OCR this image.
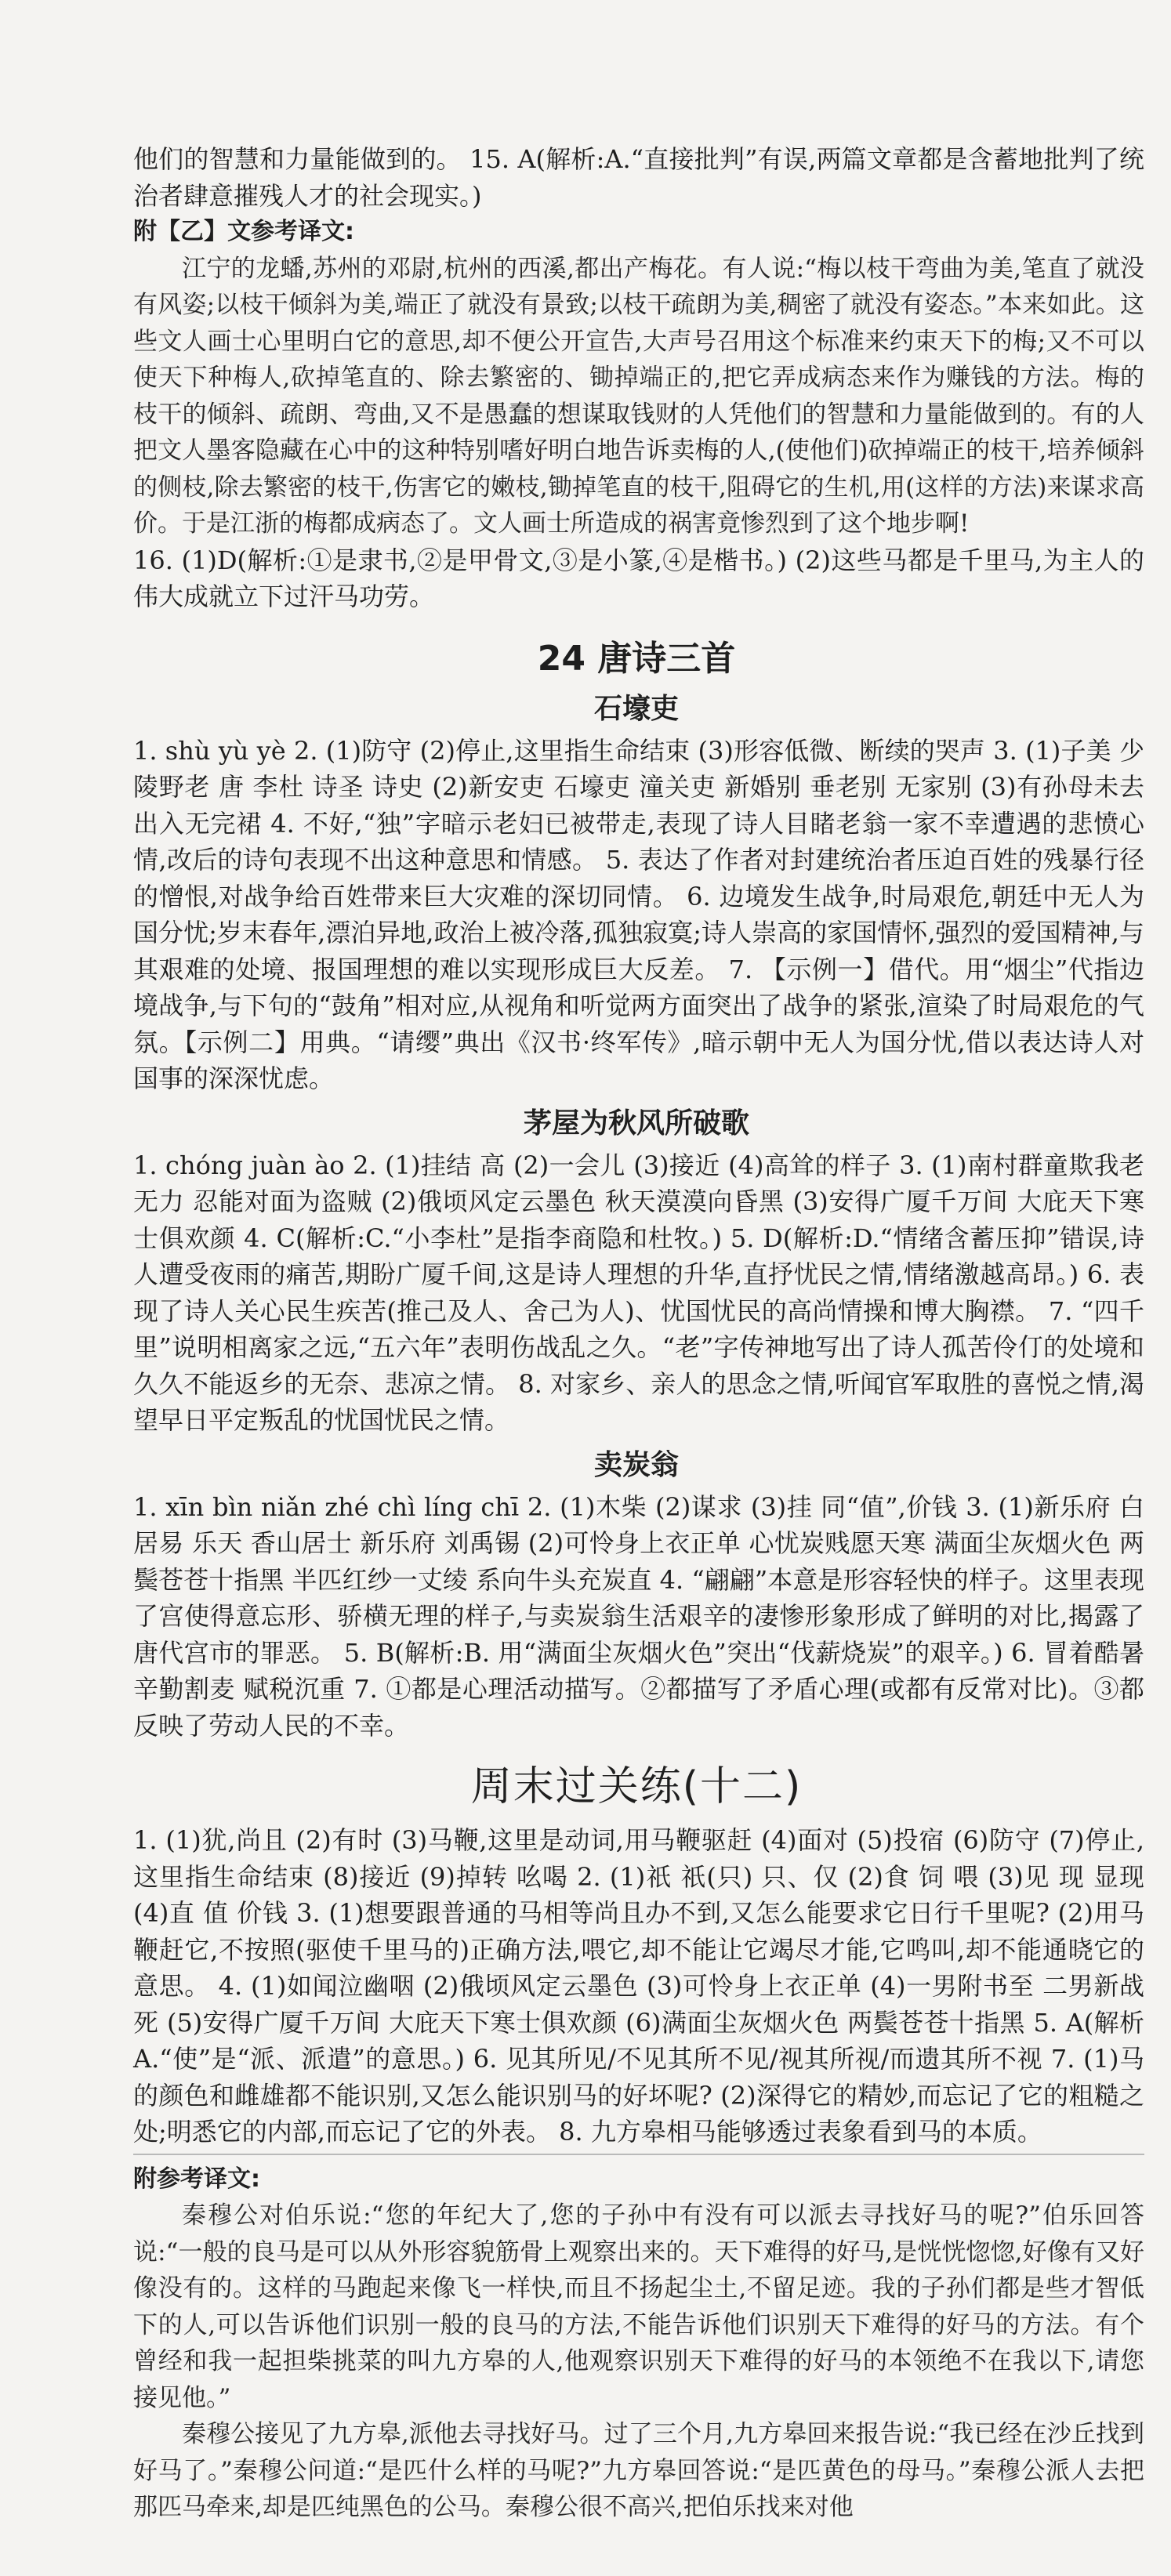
他们的智慧和力量能做到的。 15. A(解析:A.“直接批判”有误,两篇文章都是含蓄地批判了统治者肆意摧残人才的社会现实。)

附【乙】文参考译文:

江宁的龙蟠,苏州的邓尉,杭州的西溪,都出产梅花。有人说:“梅以枝干弯曲为美,笔直了就没有风姿;以枝干倾斜为美,端正了就没有景致;以枝干疏朗为美,稠密了就没有姿态。”本来如此。这些文人画士心里明白它的意思,却不便公开宣告,大声号召用这个标准来约束天下的梅;又不可以使天下种梅人,砍掉笔直的、除去繁密的、锄掉端正的,把它弄成病态来作为赚钱的方法。梅的枝干的倾斜、疏朗、弯曲,又不是愚蠢的想谋取钱财的人凭他们的智慧和力量能做到的。有的人把文人墨客隐藏在心中的这种特别嗜好明白地告诉卖梅的人,(使他们)砍掉端正的枝干,培养倾斜的侧枝,除去繁密的枝干,伤害它的嫩枝,锄掉笔直的枝干,阻碍它的生机,用(这样的方法)来谋求高价。于是江浙的梅都成病态了。文人画士所造成的祸害竟惨烈到了这个地步啊!

16. (1)D(解析:①是隶书,②是甲骨文,③是小篆,④是楷书。) (2)这些马都是千里马,为主人的伟大成就立下过汗马功劳。

24 唐诗三首
石壕吏

1. shù yù yè 2. (1)防守 (2)停止,这里指生命结束 (3)形容低微、断续的哭声 3. (1)子美 少陵野老 唐 李杜 诗圣 诗史 (2)新安吏 石壕吏 潼关吏 新婚别 垂老别 无家别 (3)有孙母未去 出入无完裙 4. 不好,“独”字暗示老妇已被带走,表现了诗人目睹老翁一家不幸遭遇的悲愤心情,改后的诗句表现不出这种意思和情感。 5. 表达了作者对封建统治者压迫百姓的残暴行径的憎恨,对战争给百姓带来巨大灾难的深切同情。 6. 边境发生战争,时局艰危,朝廷中无人为国分忧;岁末春年,漂泊异地,政治上被冷落,孤独寂寞;诗人崇高的家国情怀,强烈的爱国精神,与其艰难的处境、报国理想的难以实现形成巨大反差。 7. 【示例一】借代。用“烟尘”代指边境战争,与下句的“鼓角”相对应,从视角和听觉两方面突出了战争的紧张,渲染了时局艰危的气氛。【示例二】用典。“请缨”典出《汉书·终军传》,暗示朝中无人为国分忧,借以表达诗人对国事的深深忧虑。

茅屋为秋风所破歌

1. chóng juàn ào 2. (1)挂结 高 (2)一会儿 (3)接近 (4)高耸的样子 3. (1)南村群童欺我老无力 忍能对面为盗贼 (2)俄顷风定云墨色 秋天漠漠向昏黑 (3)安得广厦千万间 大庇天下寒士俱欢颜 4. C(解析:C.“小李杜”是指李商隐和杜牧。) 5. D(解析:D.“情绪含蓄压抑”错误,诗人遭受夜雨的痛苦,期盼广厦千间,这是诗人理想的升华,直抒忧民之情,情绪激越高昂。) 6. 表现了诗人关心民生疾苦(推己及人、舍己为人)、忧国忧民的高尚情操和博大胸襟。 7. “四千里”说明相离家之远,“五六年”表明伤战乱之久。“老”字传神地写出了诗人孤苦伶仃的处境和久久不能返乡的无奈、悲凉之情。 8. 对家乡、亲人的思念之情,听闻官军取胜的喜悦之情,渴望早日平定叛乱的忧国忧民之情。

卖炭翁

1. xīn bìn niǎn zhé chì líng chī 2. (1)木柴 (2)谋求 (3)挂 同“值”,价钱 3. (1)新乐府 白居易 乐天 香山居士 新乐府 刘禹锡 (2)可怜身上衣正单 心忧炭贱愿天寒 满面尘灰烟火色 两鬓苍苍十指黑 半匹红纱一丈绫 系向牛头充炭直 4. “翩翩”本意是形容轻快的样子。这里表现了宫使得意忘形、骄横无理的样子,与卖炭翁生活艰辛的凄惨形象形成了鲜明的对比,揭露了唐代宫市的罪恶。 5. B(解析:B. 用“满面尘灰烟火色”突出“伐薪烧炭”的艰辛。) 6. 冒着酷暑辛勤割麦 赋税沉重 7. ①都是心理活动描写。②都描写了矛盾心理(或都有反常对比)。③都反映了劳动人民的不幸。

周末过关练(十二)

1. (1)犹,尚且 (2)有时 (3)马鞭,这里是动词,用马鞭驱赶 (4)面对 (5)投宿 (6)防守 (7)停止,这里指生命结束 (8)接近 (9)掉转 吆喝 2. (1)祇 祇(只) 只、仅 (2)食 饲 喂 (3)见 现 显现 (4)直 值 价钱 3. (1)想要跟普通的马相等尚且办不到,又怎么能要求它日行千里呢? (2)用马鞭赶它,不按照(驱使千里马的)正确方法,喂它,却不能让它竭尽才能,它鸣叫,却不能通晓它的意思。 4. (1)如闻泣幽咽 (2)俄顷风定云墨色 (3)可怜身上衣正单 (4)一男附书至 二男新战死 (5)安得广厦千万间 大庇天下寒士俱欢颜 (6)满面尘灰烟火色 两鬓苍苍十指黑 5. A(解析 A.“使”是“派、派遣”的意思。) 6. 见其所见/不见其所不见/视其所视/而遗其所不视 7. (1)马的颜色和雌雄都不能识别,又怎么能识别马的好坏呢? (2)深得它的精妙,而忘记了它的粗糙之处;明悉它的内部,而忘记了它的外表。 8. 九方皋相马能够透过表象看到马的本质。

附参考译文:

秦穆公对伯乐说:“您的年纪大了,您的子孙中有没有可以派去寻找好马的呢?”伯乐回答说:“一般的良马是可以从外形容貌筋骨上观察出来的。天下难得的好马,是恍恍惚惚,好像有又好像没有的。这样的马跑起来像飞一样快,而且不扬起尘土,不留足迹。我的子孙们都是些才智低下的人,可以告诉他们识别一般的良马的方法,不能告诉他们识别天下难得的好马的方法。有个曾经和我一起担柴挑菜的叫九方皋的人,他观察识别天下难得的好马的本领绝不在我以下,请您接见他。”

秦穆公接见了九方皋,派他去寻找好马。过了三个月,九方皋回来报告说:“我已经在沙丘找到好马了。”秦穆公问道:“是匹什么样的马呢?”九方皋回答说:“是匹黄色的母马。”秦穆公派人去把那匹马牵来,却是匹纯黑色的公马。秦穆公很不高兴,把伯乐找来对他
